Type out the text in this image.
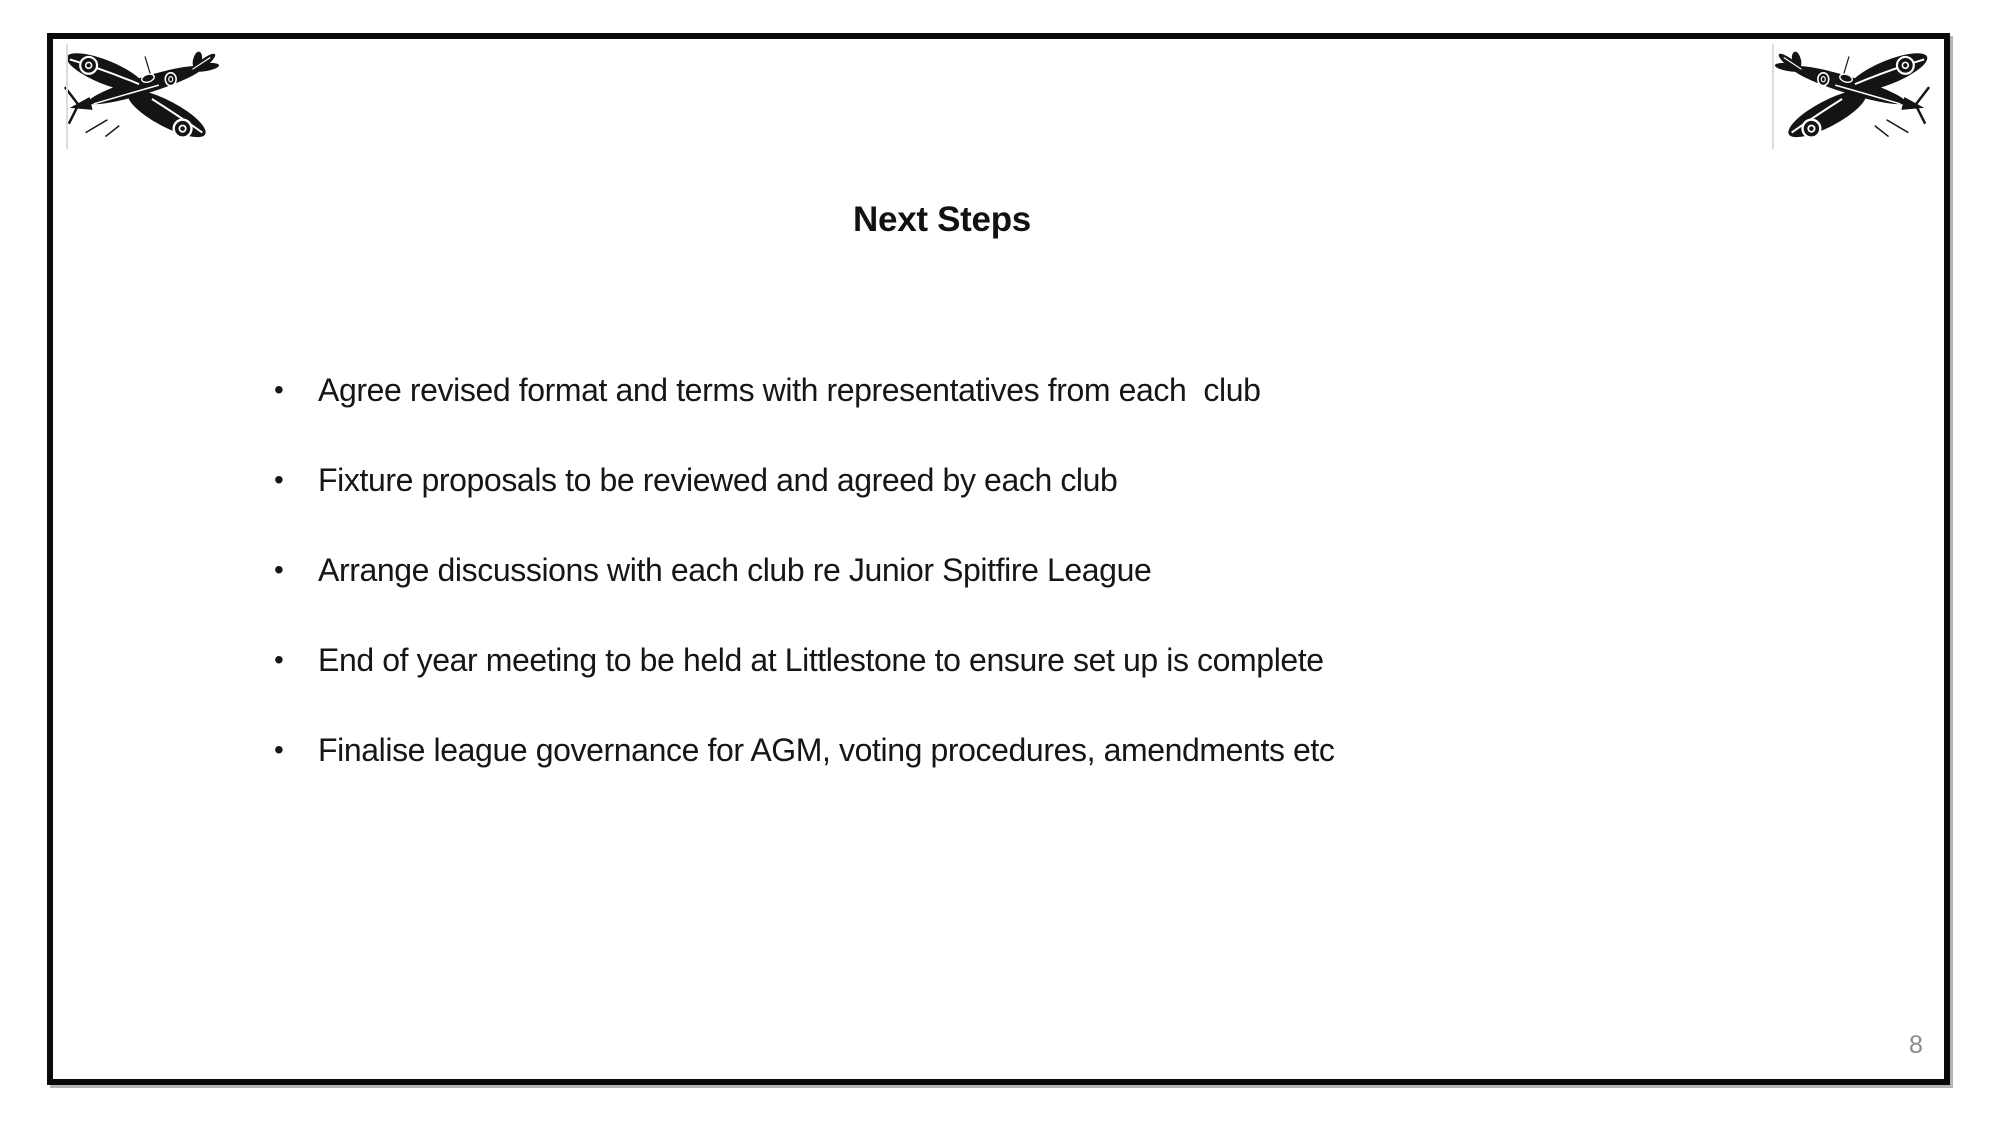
Next Steps
•	Agree revised format and terms with representatives from each  club
•	Fixture proposals to be reviewed and agreed by each club
•	Arrange discussions with each club re Junior Spitfire League
•	End of year meeting to be held at Littlestone to ensure set up is complete
•	Finalise league governance for AGM, voting procedures, amendments etc
8
